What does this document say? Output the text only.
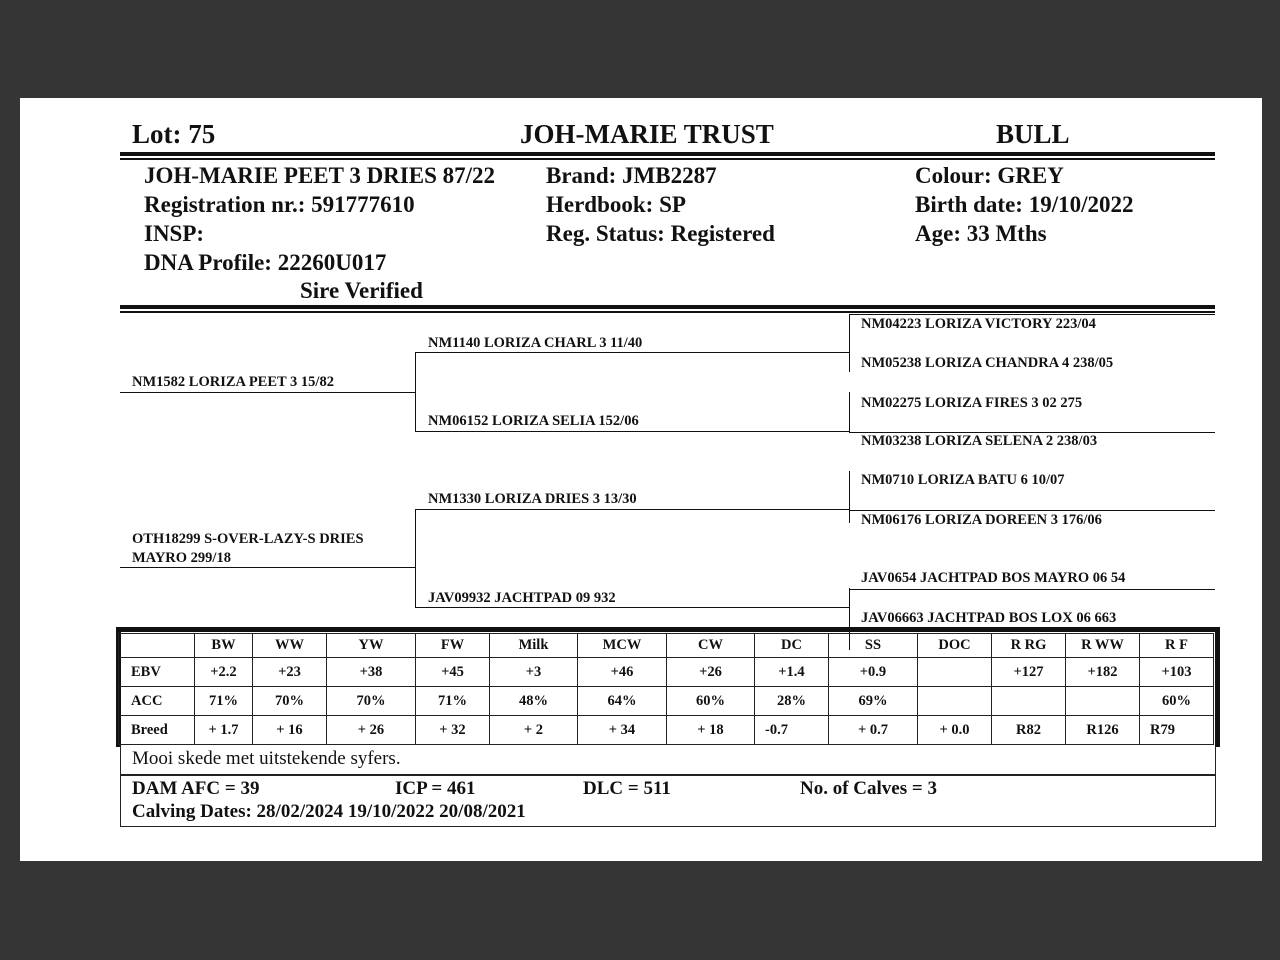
Lot: 75	JOH-MARIE TRUST	BULL
JOH-MARIE PEET 3 DRIES 87/22
Registration nr.: 591777610
INSP:
DNA Profile: 22260U017
Sire Verified
Brand: JMB2287
Herdbook: SP
Reg. Status: Registered
Colour: GREY
Birth date: 19/10/2022
Age: 33 Mths
NM1582 LORIZA PEET 3 15/82
OTH18299 S-OVER-LAZY-S DRIES
MAYRO 299/18
NM1140 LORIZA CHARL 3 11/40
NM06152 LORIZA SELIA 152/06
NM1330 LORIZA DRIES 3 13/30
JAV09932 JACHTPAD 09 932
NM04223 LORIZA VICTORY 223/04
NM05238 LORIZA CHANDRA 4 238/05
NM02275 LORIZA FIRES 3 02 275
NM03238 LORIZA SELENA 2 238/03
NM0710 LORIZA BATU 6 10/07
NM06176 LORIZA DOREEN 3 176/06
JAV0654 JACHTPAD BOS MAYRO 06 54
JAV06663 JACHTPAD BOS LOX 06 663
	BW	WW	YW	FW	Milk	MCW	CW	DC	SS	DOC	R RG	R WW	R F
EBV	+2.2	+23	+38	+45	+3	+46	+26	+1.4	+0.9		+127	+182	+103
ACC	71%	70%	70%	71%	48%	64%	60%	28%	69%				60%
Breed	+ 1.7	+ 16	+ 26	+ 32	+ 2	+ 34	+ 18	-0.7	+ 0.7	+ 0.0	R82	R126	R79
Mooi skede met uitstekende syfers.
DAM AFC = 39	ICP = 461	DLC = 511	No. of Calves = 3
Calving Dates: 28/02/2024 19/10/2022 20/08/2021
